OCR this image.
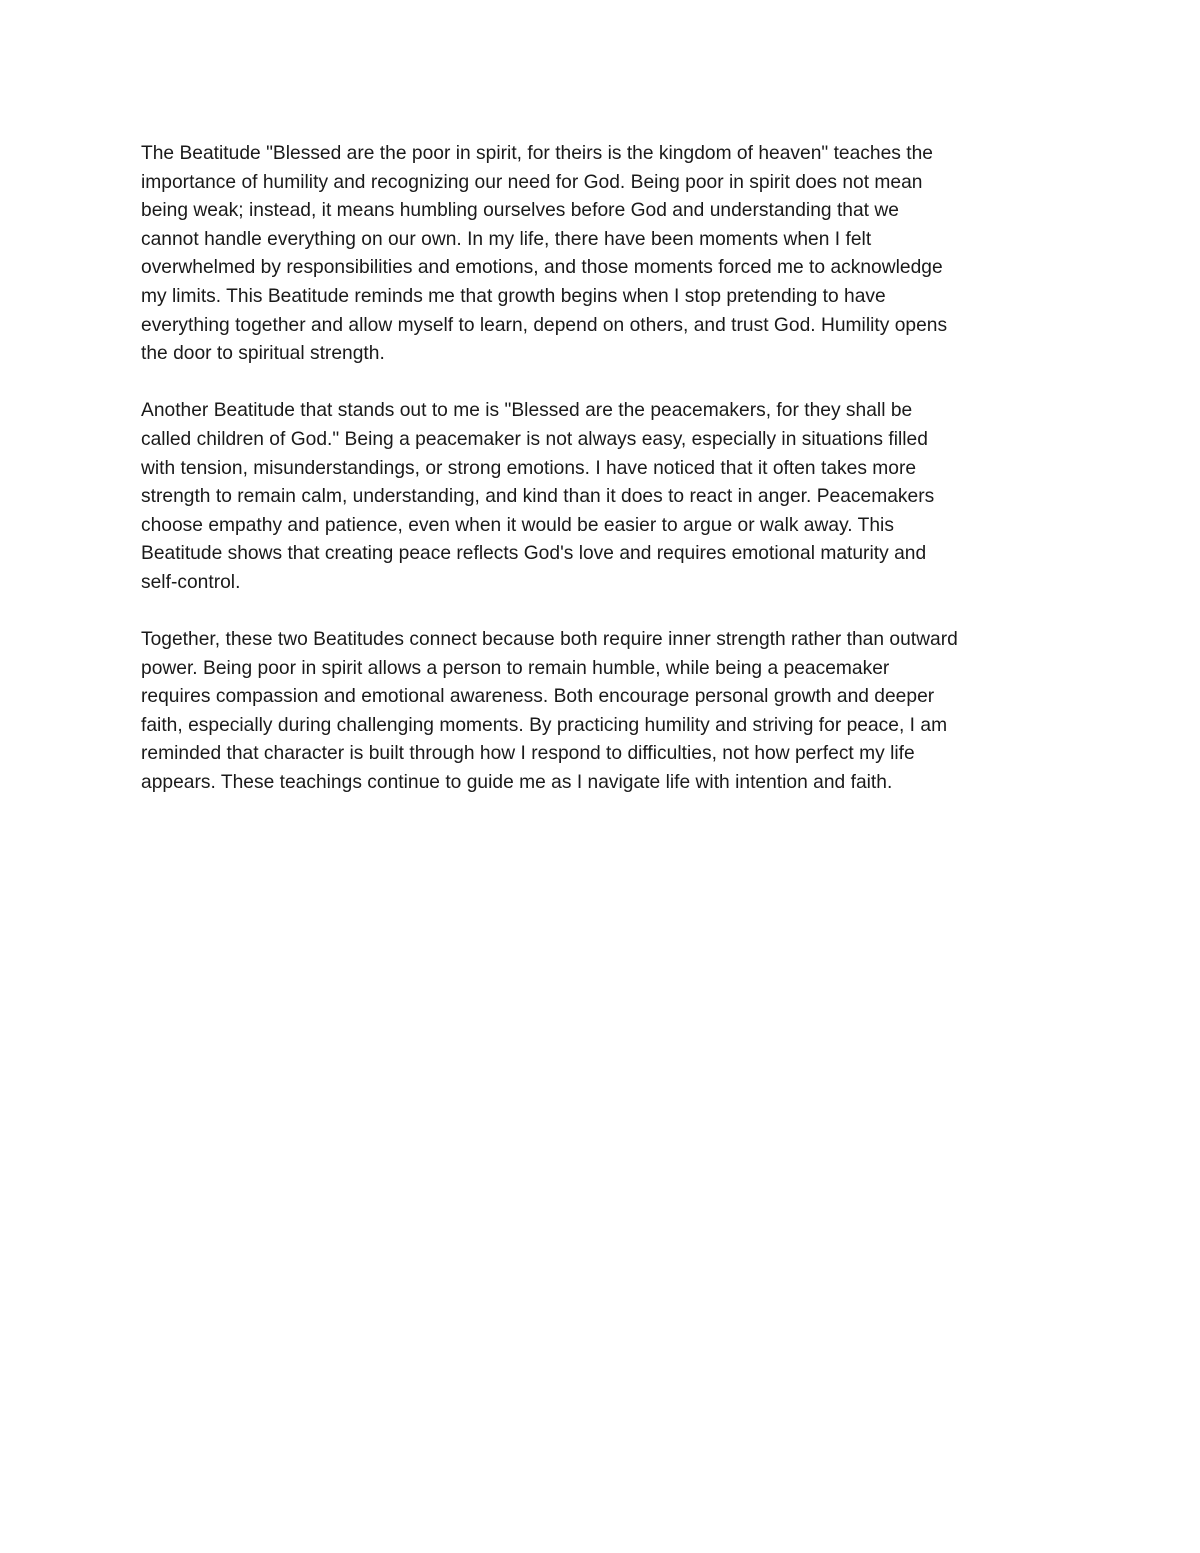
The Beatitude "Blessed are the poor in spirit, for theirs is the kingdom of heaven" teaches the
importance of humility and recognizing our need for God. Being poor in spirit does not mean
being weak; instead, it means humbling ourselves before God and understanding that we
cannot handle everything on our own. In my life, there have been moments when I felt
overwhelmed by responsibilities and emotions, and those moments forced me to acknowledge
my limits. This Beatitude reminds me that growth begins when I stop pretending to have
everything together and allow myself to learn, depend on others, and trust God. Humility opens
the door to spiritual strength.

Another Beatitude that stands out to me is "Blessed are the peacemakers, for they shall be
called children of God." Being a peacemaker is not always easy, especially in situations filled
with tension, misunderstandings, or strong emotions. I have noticed that it often takes more
strength to remain calm, understanding, and kind than it does to react in anger. Peacemakers
choose empathy and patience, even when it would be easier to argue or walk away. This
Beatitude shows that creating peace reflects God's love and requires emotional maturity and
self-control.

Together, these two Beatitudes connect because both require inner strength rather than outward
power. Being poor in spirit allows a person to remain humble, while being a peacemaker
requires compassion and emotional awareness. Both encourage personal growth and deeper
faith, especially during challenging moments. By practicing humility and striving for peace, I am
reminded that character is built through how I respond to difficulties, not how perfect my life
appears. These teachings continue to guide me as I navigate life with intention and faith.
